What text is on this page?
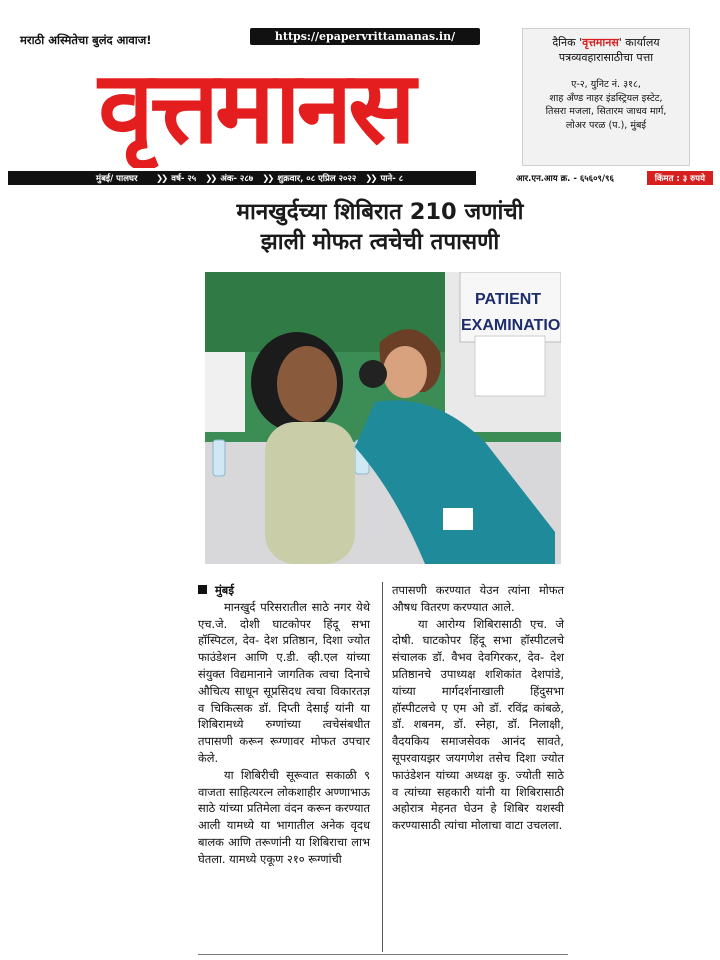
मराठी अस्मितेचा बुलंद आवाज!	https://epapervrittamanas.in/
वृत्तमानस
दैनिक 'वृत्तमानस' कार्यालय
पत्रव्यवहारासाठीचा पत्ता
ए-२, युनिट नं. ३१८,
शाह अँण्ड नाहर इंडस्ट्रियल इस्टेट,
तिसरा मजला, सितारम जाधव मार्ग,
लोअर परळ (प.), मुंबई
मुंबई/ पालघर ❯❯ वर्ष- २५ ❯❯ अंक- २८७ ❯❯ शुक्रवार, ०८ एप्रिल २०२२ ❯❯ पाने- ८	आर.एन.आय क्र. - ६५६०९/९६	किंमत : ३ रुपये
मानखुर्दच्या शिबिरात 210 जणांची
झाली मोफत त्वचेची तपासणी
PATIENT
EXAMINATIO
मुंबई

मानखुर्द परिसरातील साठे नगर येथे एच.जे. दोशी घाटकोपर हिंदू सभा हॉस्पिटल, देव- देश प्रतिष्ठान, दिशा ज्योत फाउंडेशन आणि ए.डी. व्ही.एल यांच्या संयुक्त विद्यमानाने जागतिक त्वचा दिनाचे औचित्य साधून सूप्रसिदध त्वचा विकारतज्ञ व चिकित्सक डॉ. दिप्ती देसाई यांनी या शिबिरामध्ये रुग्णांच्या त्वचेसंबधीत तपासणी करून रूग्णावर मोफत उपचार केले.

या शिबिरीची सूरूवात सकाळी ९ वाजता साहित्यरत्न लोकशाहीर अण्णाभाऊ साठे यांच्या प्रतिमेला वंदन करून करण्यात आली यामध्ये या भागातील अनेक वृदध बालक आणि तरूणांनी या शिबिराचा लाभ घेतला. यामध्ये एकूण २१० रूग्णांची

तपासणी करण्यात येउन त्यांना मोफत औषध वितरण करण्यात आले.

या आरोग्य शिबिरासाठी एच. जे दोषी. घाटकोपर हिंदू सभा हॉस्पीटलचे संचालक डॉ. वैभव देवगिरकर, देव- देश प्रतिष्ठानचे उपाध्यक्ष शशिकांत देशपांडे, यांच्या मार्गदर्शनाखाली हिंदुसभा हॉस्पीटलचे ए एम ओ डॉ. रविंद्र कांबळे, डॉ. शबनम, डॉ. स्नेहा, डॉ. निलाक्षी, वैदयकिय समाजसेवक आनंद सावते, सूपरवायझर जयगणेश तसेच दिशा ज्योत फाउंडेशन यांच्या अध्यक्ष कु. ज्योती साठे व त्यांच्या सहकारी यांनी या शिबिरासाठी अहोरात्र मेहनत घेउन हे शिबिर यशस्वी करण्यासाठी त्यांचा मोलाचा वाटा उचलला.
